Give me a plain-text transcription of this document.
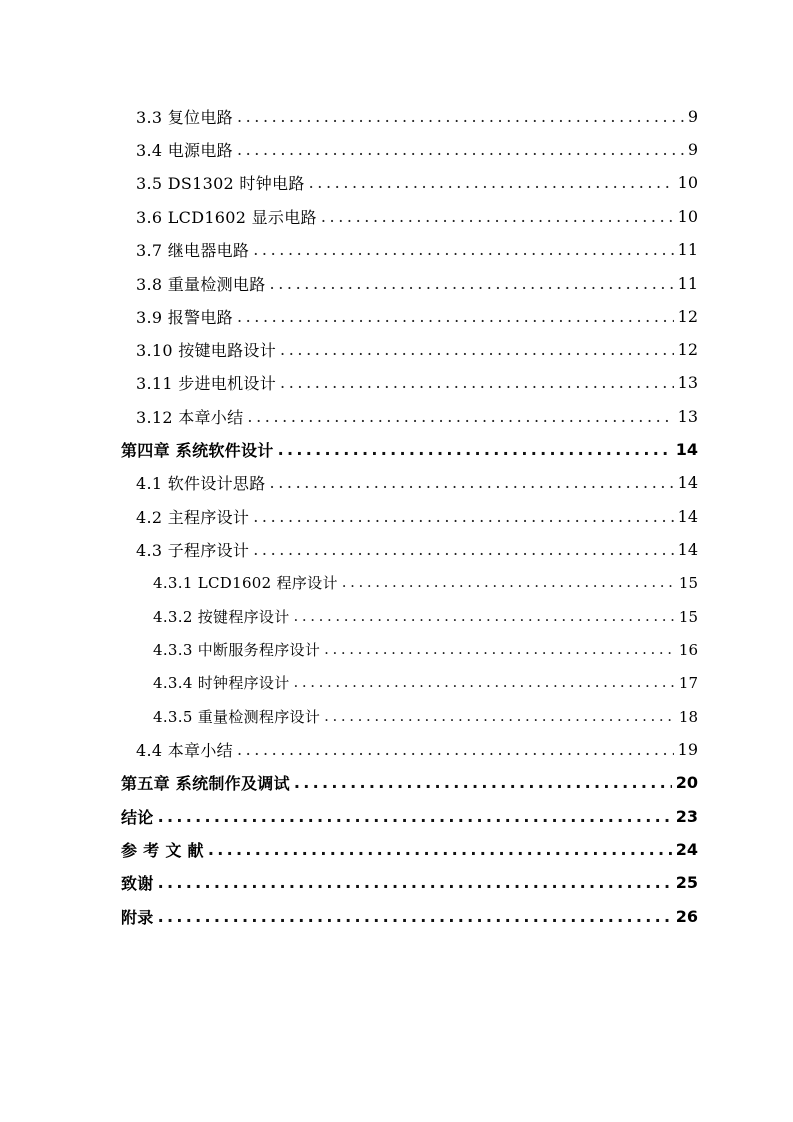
3.3 复位电路 .....	9
3.4 电源电路 .....	9
3.5 DS1302 时钟电路 .....	10
3.6 LCD1602 显示电路 .....	10
3.7 继电器电路 .....	11
3.8 重量检测电路 .....	11
3.9 报警电路 .....	12
3.10 按键电路设计 .....	12
3.11 步进电机设计 .....	13
3.12 本章小结 .....	13
第四章 系统软件设计 .....	14
4.1 软件设计思路 .....	14
4.2 主程序设计 .....	14
4.3 子程序设计 .....	14
4.3.1 LCD1602 程序设计 .....	15
4.3.2 按键程序设计 .....	15
4.3.3 中断服务程序设计 .....	16
4.3.4 时钟程序设计 .....	17
4.3.5 重量检测程序设计 .....	18
4.4 本章小结 .....	19
第五章 系统制作及调试 .....	20
结论 .....	23
参 考 文 献 .....	24
致谢 .....	25
附录 .....	26
